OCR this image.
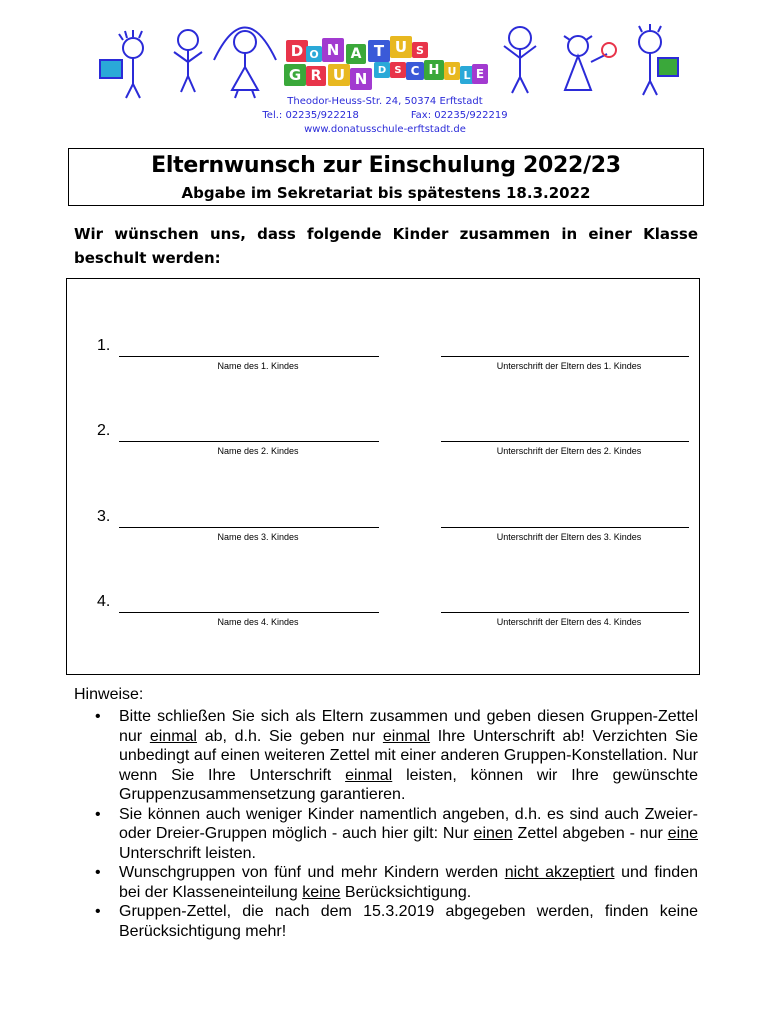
D O N A T U S
G R U N	D S C H U L E
Theodor-Heuss-Str. 24, 50374 Erftstadt
Tel.: 02235/922218	Fax: 02235/922219
www.donatusschule-erftstadt.de
Elternwunsch zur Einschulung 2022/23
Abgabe im Sekretariat bis spätestens 18.3.2022
Wir wünschen uns, dass folgende Kinder zusammen in einer Klasse beschult werden:
1.
Name des 1. Kindes	Unterschrift der Eltern des 1. Kindes
2.
Name des 2. Kindes	Unterschrift der Eltern des 2. Kindes
3.
Name des 3. Kindes	Unterschrift der Eltern des 3. Kindes
4.
Name des 4. Kindes	Unterschrift der Eltern des 4. Kindes
Hinweise:
• Bitte schließen Sie sich als Eltern zusammen und geben diesen Gruppen-Zettel nur einmal ab, d.h. Sie geben nur einmal Ihre Unterschrift ab! Verzichten Sie unbedingt auf einen weiteren Zettel mit einer anderen Gruppen-Konstellation. Nur wenn Sie Ihre Unterschrift einmal leisten, können wir Ihre gewünschte Gruppenzusammensetzung garantieren.
• Sie können auch weniger Kinder namentlich angeben, d.h. es sind auch Zweier- oder Dreier-Gruppen möglich - auch hier gilt: Nur einen Zettel abgeben - nur eine Unterschrift leisten.
• Wunschgruppen von fünf und mehr Kindern werden nicht akzeptiert und finden bei der Klasseneinteilung keine Berücksichtigung.
• Gruppen-Zettel, die nach dem 15.3.2019 abgegeben werden, finden keine Berücksichtigung mehr!
